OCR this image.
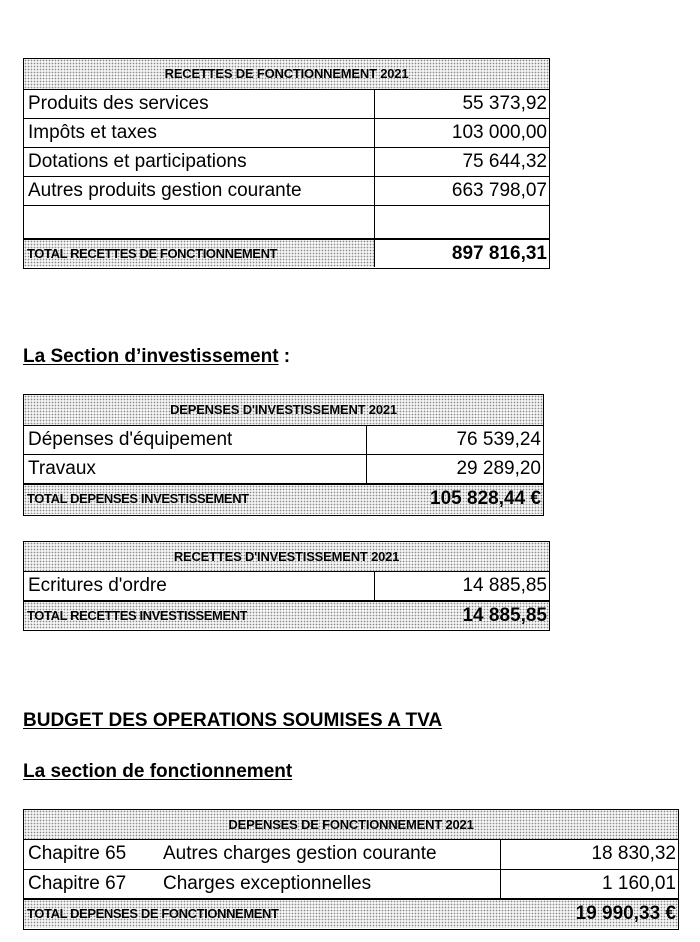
RECETTES DE FONCTIONNEMENT 2021
Produits des services	55 373,92
Impôts et taxes	103 000,00
Dotations et participations	75 644,32
Autres produits gestion courante	663 798,07
TOTAL RECETTES DE FONCTIONNEMENT	897 816,31
La Section d’investissement :
DEPENSES D'INVESTISSEMENT 2021
Dépenses d'équipement	76 539,24
Travaux	29 289,20
TOTAL DEPENSES INVESTISSEMENT	105 828,44 €
RECETTES D'INVESTISSEMENT 2021
Ecritures d'ordre	14 885,85
TOTAL RECETTES INVESTISSEMENT	14 885,85
BUDGET DES OPERATIONS SOUMISES A TVA
La section de fonctionnement
DEPENSES DE FONCTIONNEMENT 2021
Chapitre 65 Autres charges gestion courante	18 830,32
Chapitre 67 Charges exceptionnelles	1 160,01
TOTAL DEPENSES DE FONCTIONNEMENT	19 990,33 €
